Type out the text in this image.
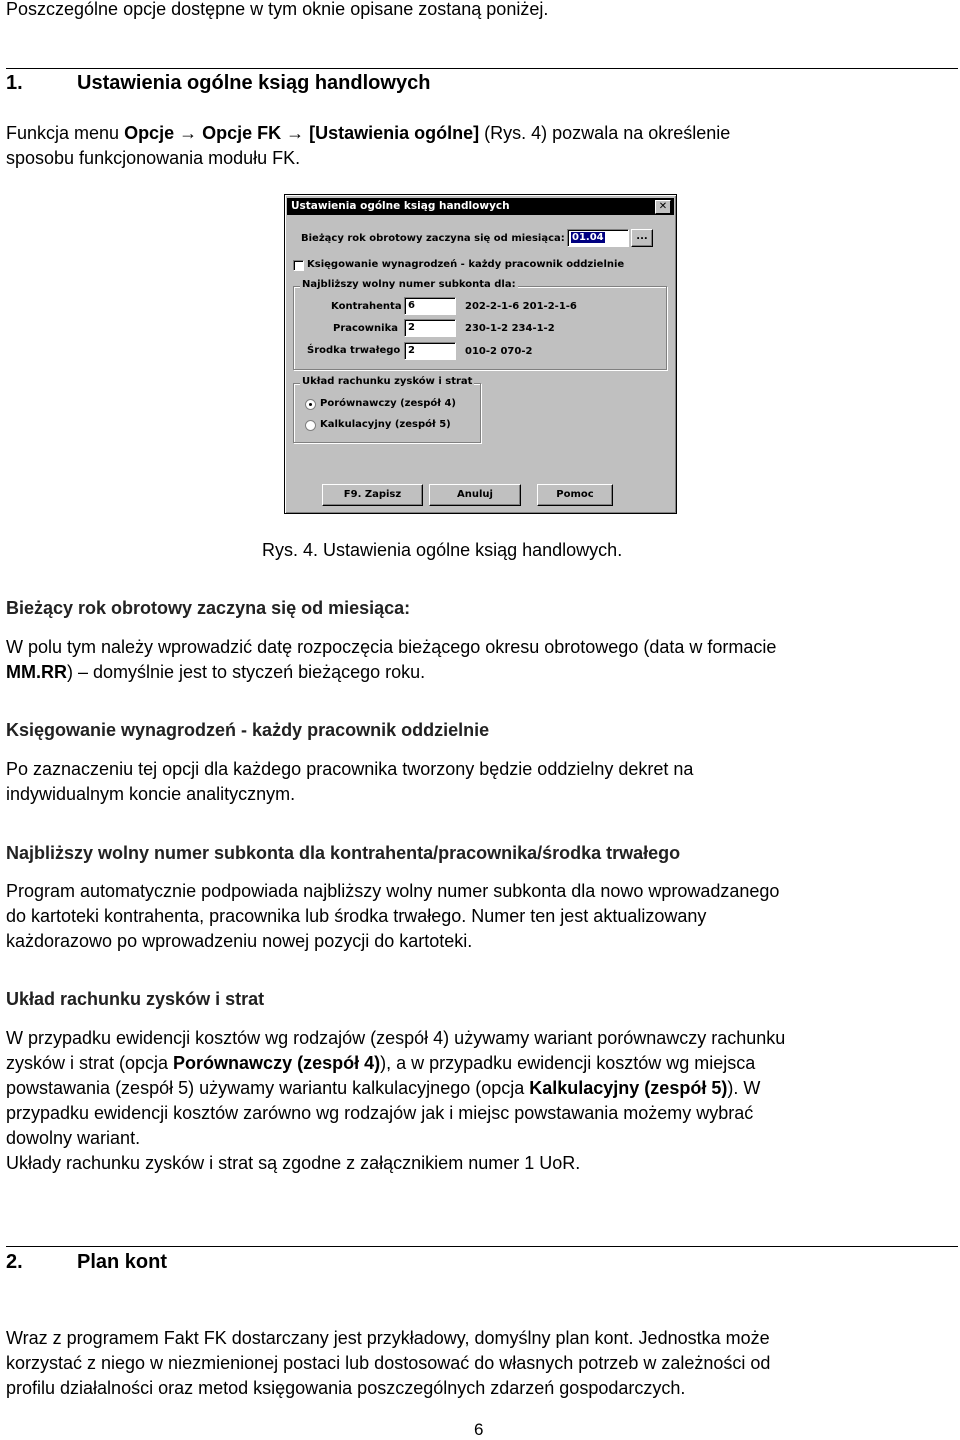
Poszczególne opcje dostępne w tym oknie opisane zostaną poniżej.

1.	Ustawienia ogólne ksiąg handlowych

Funkcja menu Opcje → Opcje FK → [Ustawienia ogólne] (Rys. 4) pozwala na określenie

sposobu funkcjonowania modułu FK.

Ustawienia ogólne ksiąg handlowych	✕
Bieżący rok obrotowy zaczyna się od miesiąca: 01.04	...
Księgowanie wynagrodzeń - każdy pracownik oddzielnie
Najbliższy wolny numer subkonta dla:
Kontrahenta 6	202-2-1-6 201-2-1-6
Pracownika	2	230-1-2 234-1-2
Środka trwałego 2	010-2 070-2
Układ rachunku zysków i strat
Porównawczy (zespół 4)
Kalkulacyjny (zespół 5)
F9. Zapisz	Anuluj	Pomoc
Rys. 4. Ustawienia ogólne ksiąg handlowych.

Bieżący rok obrotowy zaczyna się od miesiąca:

W polu tym należy wprowadzić datę rozpoczęcia bieżącego okresu obrotowego (data w formacie

MM.RR) – domyślnie jest to styczeń bieżącego roku.

Księgowanie wynagrodzeń - każdy pracownik oddzielnie

Po zaznaczeniu tej opcji dla każdego pracownika tworzony będzie oddzielny dekret na

indywidualnym koncie analitycznym.

Najbliższy wolny numer subkonta dla kontrahenta/pracownika/środka trwałego

Program automatycznie podpowiada najbliższy wolny numer subkonta dla nowo wprowadzanego

do kartoteki kontrahenta, pracownika lub środka trwałego. Numer ten jest aktualizowany

każdorazowo po wprowadzeniu nowej pozycji do kartoteki.

Układ rachunku zysków i strat

W przypadku ewidencji kosztów wg rodzajów (zespół 4) używamy wariant porównawczy rachunku

zysków i strat (opcja Porównawczy (zespół 4)), a w przypadku ewidencji kosztów wg miejsca

powstawania (zespół 5) używamy wariantu kalkulacyjnego (opcja Kalkulacyjny (zespół 5)). W

przypadku ewidencji kosztów zarówno wg rodzajów jak i miejsc powstawania możemy wybrać

dowolny wariant.

Układy rachunku zysków i strat są zgodne z załącznikiem numer 1 UoR.

2.	Plan kont

Wraz z programem Fakt FK dostarczany jest przykładowy, domyślny plan kont. Jednostka może

korzystać z niego w niezmienionej postaci lub dostosować do własnych potrzeb w zależności od

profilu działalności oraz metod księgowania poszczególnych zdarzeń gospodarczych.

6
